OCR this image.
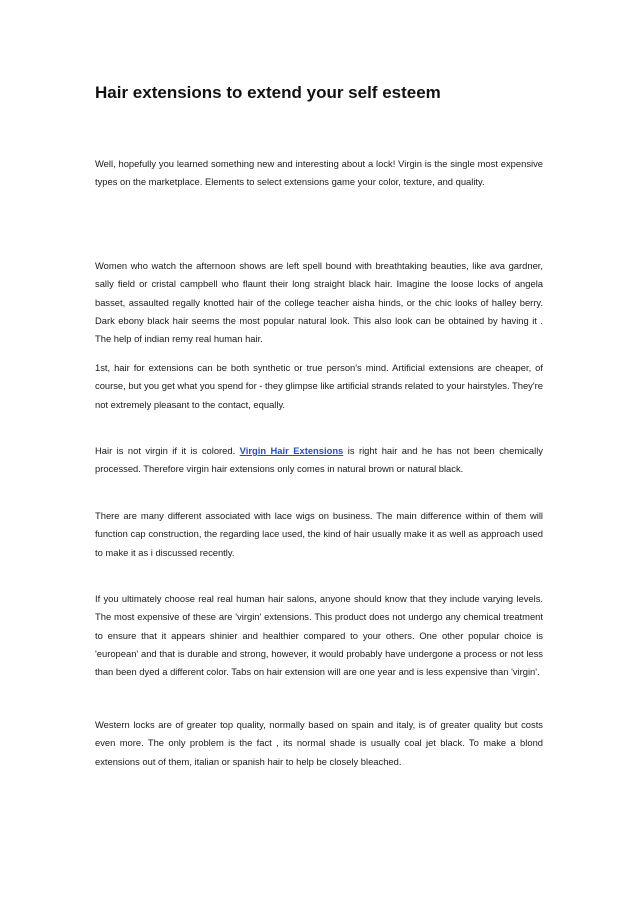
Hair extensions to extend your self esteem

Well, hopefully you learned something new and interesting about a lock! Virgin is the single most expensive types on the marketplace. Elements to select extensions game your color, texture, and quality.

Women who watch the afternoon shows are left spell bound with breathtaking beauties, like ava gardner, sally field or cristal campbell who flaunt their long straight black hair. Imagine the loose locks of angela basset, assaulted regally knotted hair of the college teacher aisha hinds, or the chic looks of halley berry. Dark ebony black hair seems the most popular natural look. This also look can be obtained by having it . The help of indian remy real human hair.

1st, hair for extensions can be both synthetic or true person's mind. Artificial extensions are cheaper, of course, but you get what you spend for - they glimpse like artificial strands related to your hairstyles. They're not extremely pleasant to the contact, equally.

Hair is not virgin if it is colored. Virgin Hair Extensions is right hair and he has not been chemically processed. Therefore virgin hair extensions only comes in natural brown or natural black.

There are many different associated with lace wigs on business. The main difference within of them will function cap construction, the regarding lace used, the kind of hair usually make it as well as approach used to make it as i discussed recently.

If you ultimately choose real real human hair salons, anyone should know that they include varying levels. The most expensive of these are 'virgin' extensions. This product does not undergo any chemical treatment to ensure that it appears shinier and healthier compared to your others. One other popular choice is 'european' and that is durable and strong, however, it would probably have undergone a process or not less than been dyed a different color. Tabs on hair extension will are one year and is less expensive than 'virgin'.

Western locks are of greater top quality, normally based on spain and italy, is of greater quality but costs even more. The only problem is the fact , its normal shade is usually coal jet black. To make a blond extensions out of them, italian or spanish hair to help be closely bleached.
